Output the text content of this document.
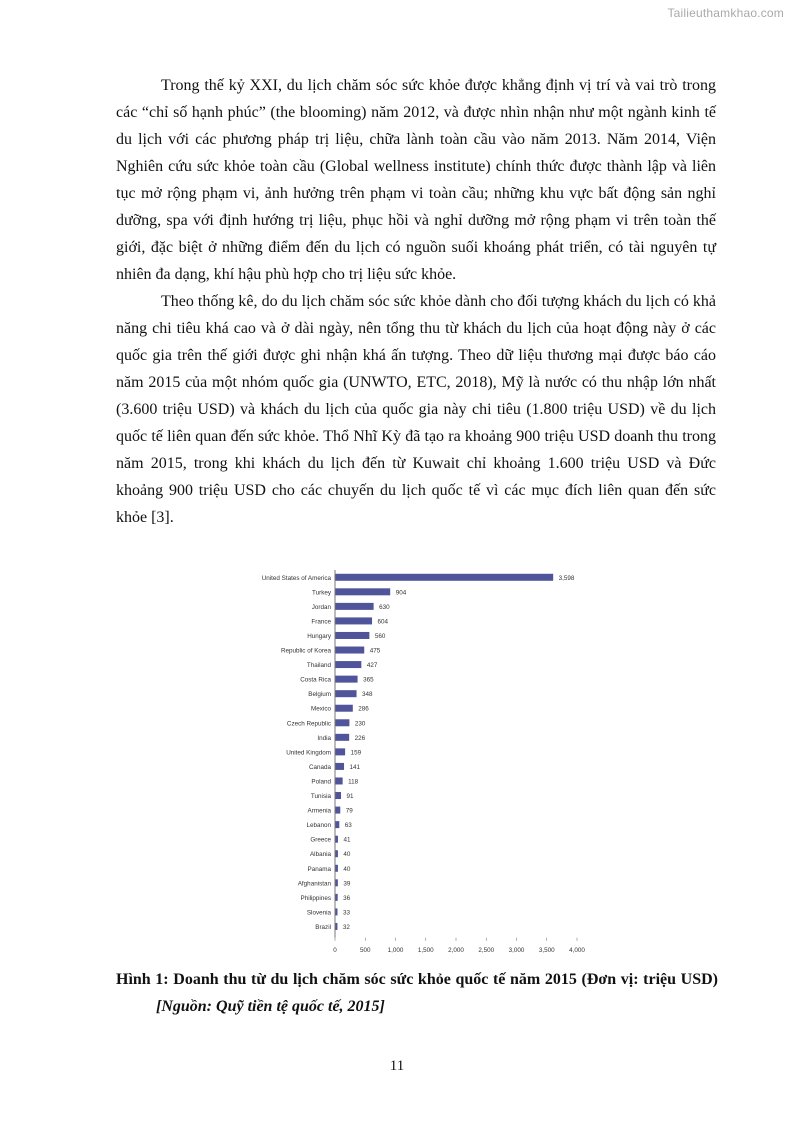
Tailieuthamkhao.com

Trong thế kỷ XXI, du lịch chăm sóc sức khỏe được khẳng định vị trí và vai trò trong các “chỉ số hạnh phúc” (the blooming) năm 2012, và được nhìn nhận như một ngành kinh tế du lịch với các phương pháp trị liệu, chữa lành toàn cầu vào năm 2013. Năm 2014, Viện Nghiên cứu sức khỏe toàn cầu (Global wellness institute) chính thức được thành lập và liên tục mở rộng phạm vi, ảnh hưởng trên phạm vi toàn cầu; những khu vực bất động sản nghỉ dưỡng, spa với định hướng trị liệu, phục hồi và nghỉ dưỡng mở rộng phạm vi trên toàn thế giới, đặc biệt ở những điểm đến du lịch có nguồn suối khoáng phát triển, có tài nguyên tự nhiên đa dạng, khí hậu phù hợp cho trị liệu sức khỏe.

Theo thống kê, do du lịch chăm sóc sức khỏe dành cho đối tượng khách du lịch có khả năng chi tiêu khá cao và ở dài ngày, nên tổng thu từ khách du lịch của hoạt động này ở các quốc gia trên thế giới được ghi nhận khá ấn tượng. Theo dữ liệu thương mại được báo cáo năm 2015 của một nhóm quốc gia (UNWTO, ETC, 2018), Mỹ là nước có thu nhập lớn nhất (3.600 triệu USD) và khách du lịch của quốc gia này chi tiêu (1.800 triệu USD) về du lịch quốc tế liên quan đến sức khỏe. Thổ Nhĩ Kỳ đã tạo ra khoảng 900 triệu USD doanh thu trong năm 2015, trong khi khách du lịch đến từ Kuwait chỉ khoảng 1.600 triệu USD và Đức khoảng 900 triệu USD cho các chuyến du lịch quốc tế vì các mục đích liên quan đến sức khỏe [3].

United States of America	3,598
Turkey	904
Jordan	630
France	604
Hungary	560
Republic of Korea	475
Thailand	427
Costa Rica	365
Belgium	348
Mexico	286
Czech Republic	230
India	226
United Kingdom	159
Canada	141
Poland	118
Tunisia 91
Armenia 79
Lebanon 63
Greece 41
Albania 40
Panama 40
Afghanistan 39
Philippines 36
Slovenia 33
Brazil 32
0	500	1,000 1,500 2,000 2,500 3,000 3,500 4,000
Hình 1: Doanh thu từ du lịch chăm sóc sức khỏe quốc tế năm 2015 (Đơn vị: triệu USD) [Nguồn: Quỹ tiền tệ quốc tế, 2015]
11
